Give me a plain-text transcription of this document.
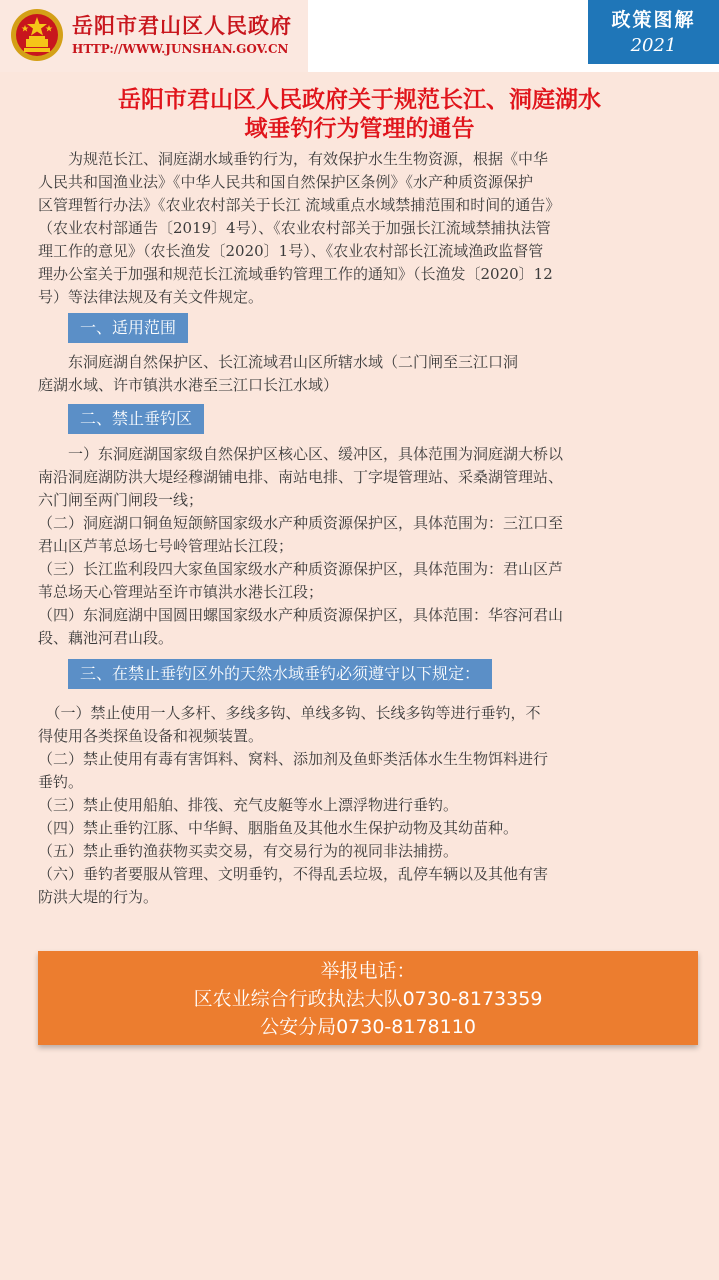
岳阳市君山区人民政府
HTTP://WWW.JUNSHAN.GOV.CN
政策图解
2021
岳阳市君山区人民政府关于规范长江、洞庭湖水
域垂钓行为管理的通告

　　为规范长江、洞庭湖水域垂钓行为，有效保护水生生物资源，根据《中华

人民共和国渔业法》《中华人民共和国自然保护区条例》《水产种质资源保护

区管理暂行办法》《农业农村部关于长江 流域重点水域禁捕范围和时间的通告》

（农业农村部通告〔2019〕4号）、《农业农村部关于加强长江流域禁捕执法管

理工作的意见》（农长渔发〔2020〕1号）、《农业农村部长江流域渔政监督管

理办公室关于加强和规范长江流域垂钓管理工作的通知》（长渔发〔2020〕12

号）等法律法规及有关文件规定。

一、适用范围

　　东洞庭湖自然保护区、长江流域君山区所辖水域（二门闸至三江口洞

庭湖水域、许市镇洪水港至三江口长江水域）

二、禁止垂钓区

　　一）东洞庭湖国家级自然保护区核心区、缓冲区，具体范围为洞庭湖大桥以

南沿洞庭湖防洪大堤经穆湖铺电排、南站电排、丁字堤管理站、采桑湖管理站、

六门闸至两门闸段一线；

（二）洞庭湖口铜鱼短颌鲚国家级水产种质资源保护区，具体范围为：三江口至

君山区芦苇总场七号岭管理站长江段；

（三）长江监利段四大家鱼国家级水产种质资源保护区，具体范围为：君山区芦

苇总场天心管理站至许市镇洪水港长江段；

（四）东洞庭湖中国圆田螺国家级水产种质资源保护区，具体范围：华容河君山

段、藕池河君山段。

三、在禁止垂钓区外的天然水域垂钓必须遵守以下规定：

　（一）禁止使用一人多杆、多线多钩、单线多钩、长线多钩等进行垂钓，不

得使用各类探鱼设备和视频装置。

（二）禁止使用有毒有害饵料、窝料、添加剂及鱼虾类活体水生生物饵料进行

垂钓。

（三）禁止使用船舶、排筏、充气皮艇等水上漂浮物进行垂钓。

（四）禁止垂钓江豚、中华鲟、胭脂鱼及其他水生保护动物及其幼苗种。

（五）禁止垂钓渔获物买卖交易，有交易行为的视同非法捕捞。

（六）垂钓者要服从管理、文明垂钓，不得乱丢垃圾，乱停车辆以及其他有害

防洪大堤的行为。

举报电话：
区农业综合行政执法大队0730-8173359
公安分局0730-8178110
